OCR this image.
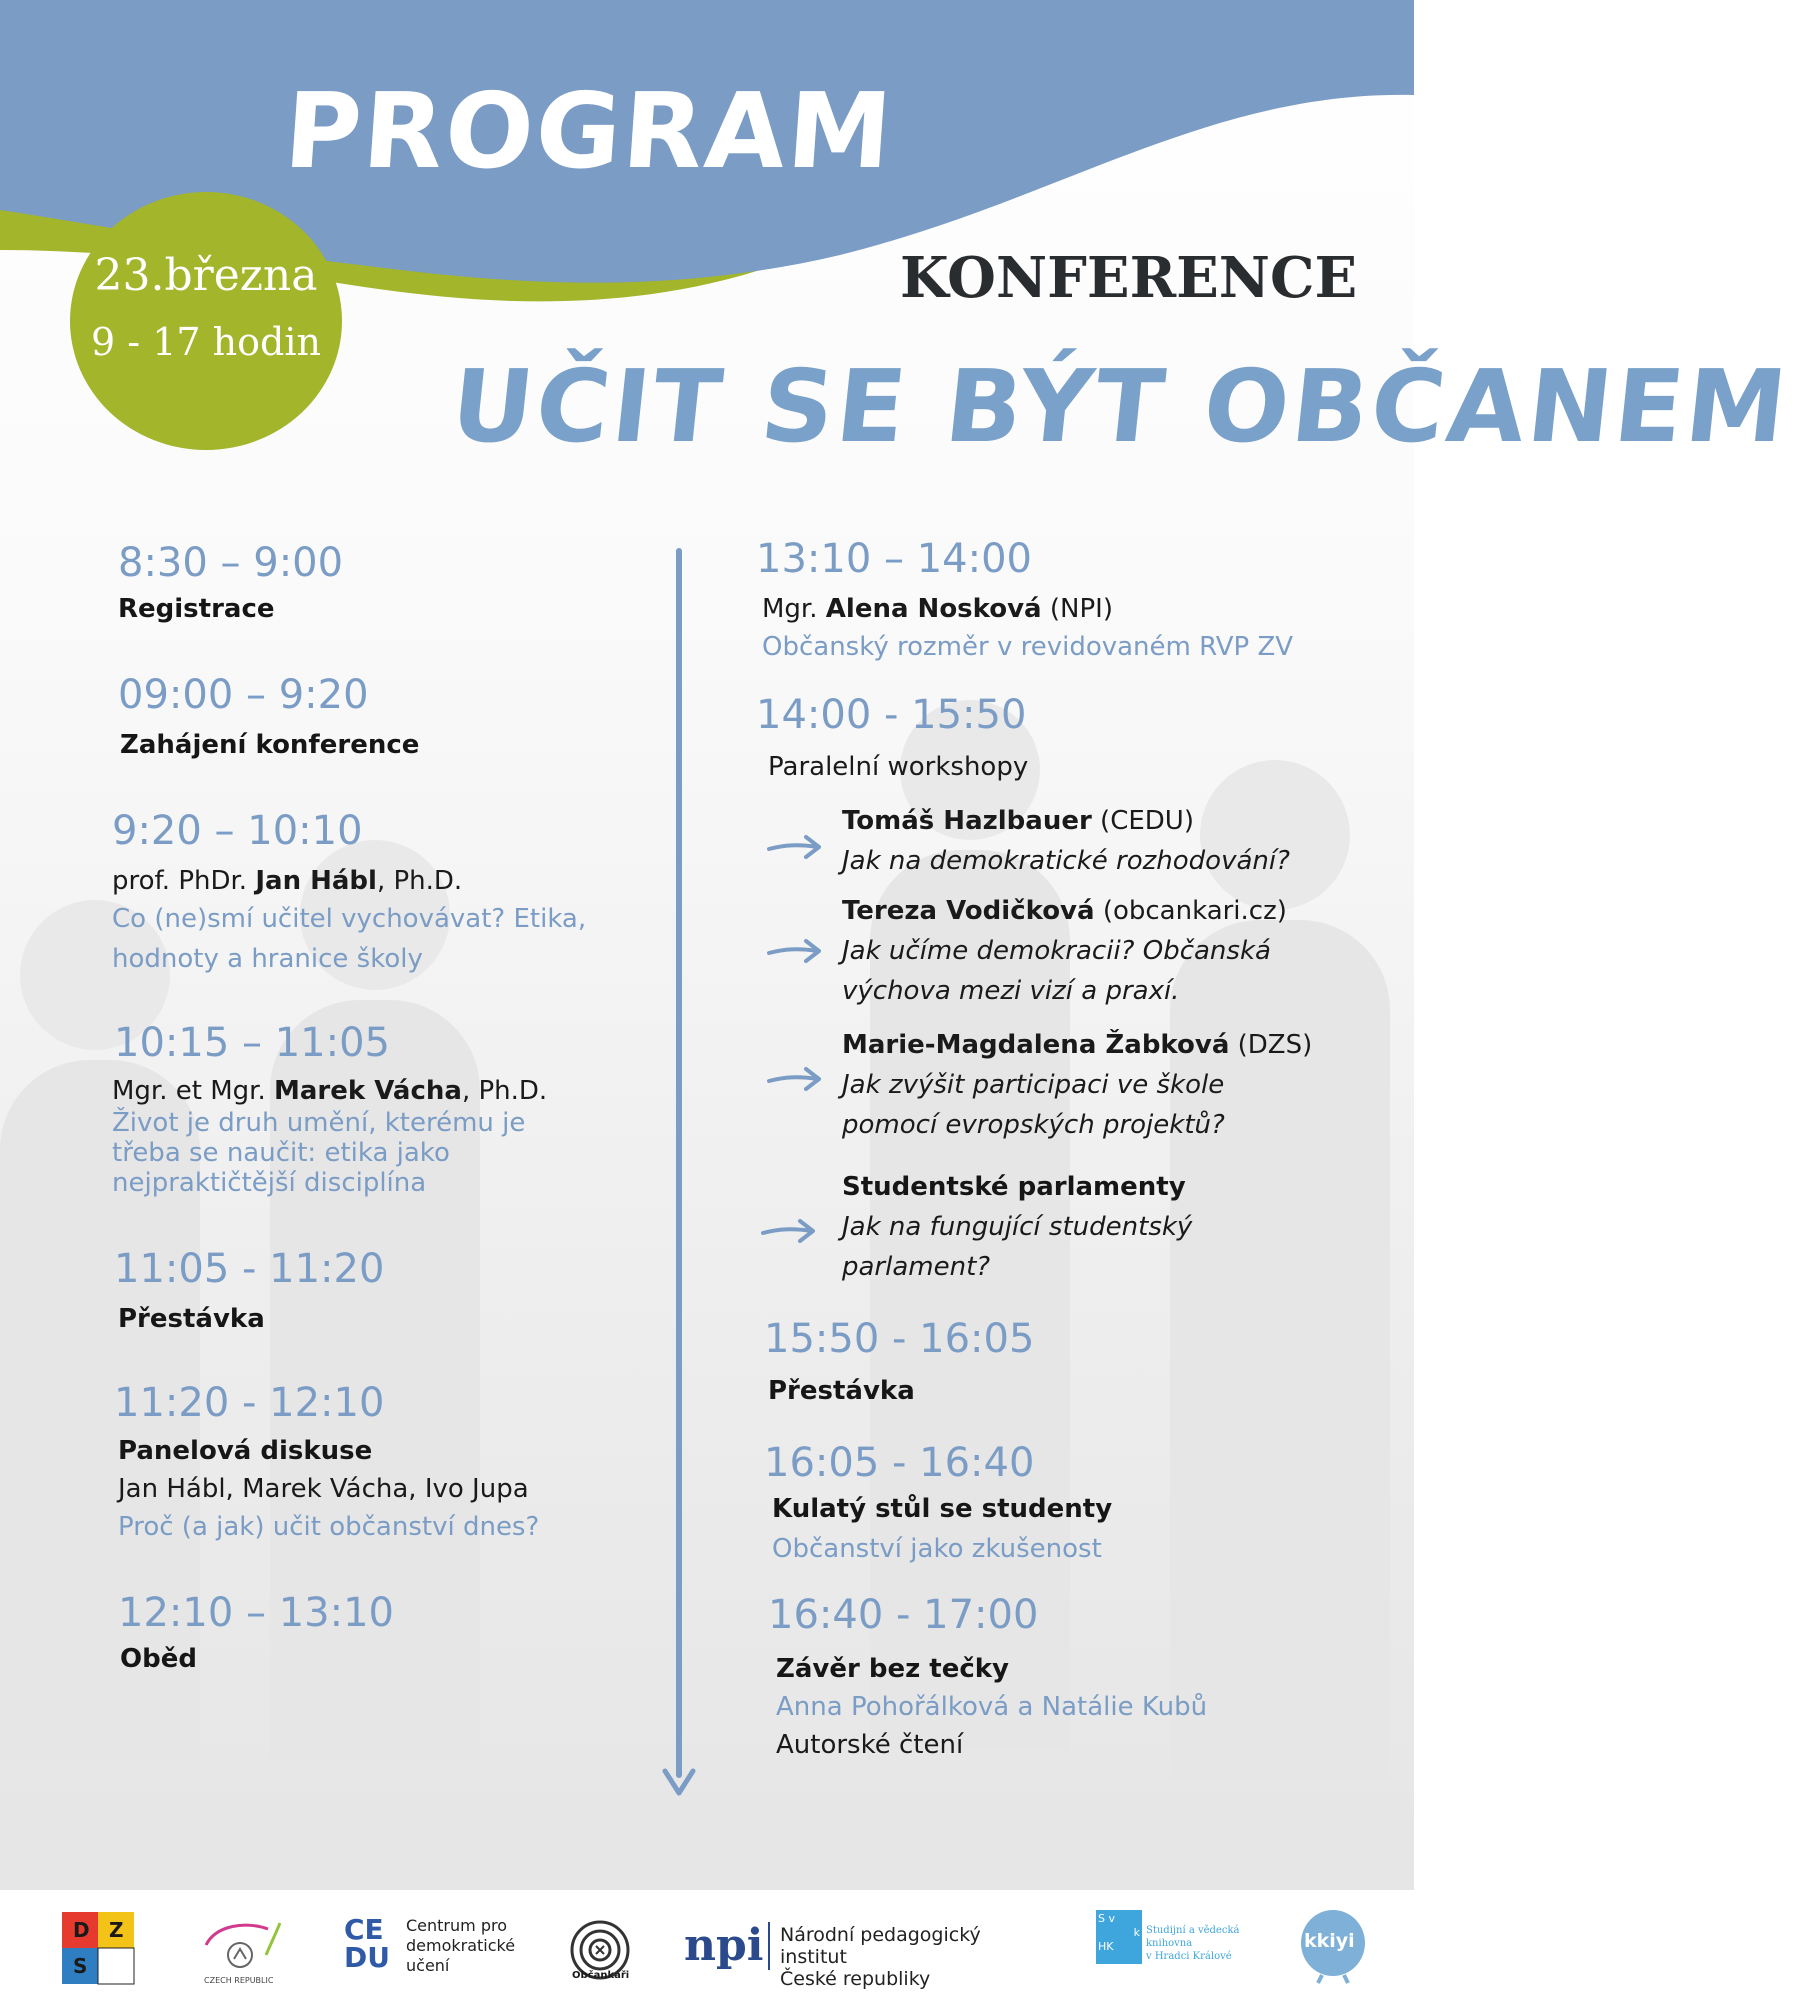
PROGRAM
23.března
9 - 17 hodin
KONFERENCE
UČIT SE BÝT OBČANEM
8:30 – 9:00
Registrace
09:00 – 9:20
Zahájení konference
9:20 – 10:10
prof. PhDr. Jan Hábl, Ph.D.
Co (ne)smí učitel vychovávat? Etika,
hodnoty a hranice školy
10:15 – 11:05
Mgr. et Mgr. Marek Vácha, Ph.D.
Život je druh umění, kterému je
třeba se naučit: etika jako
nejpraktičtější disciplína
11:05 - 11:20
Přestávka
11:20 - 12:10
Panelová diskuse
Jan Hábl, Marek Vácha, Ivo Jupa
Proč (a jak) učit občanství dnes?
12:10 – 13:10
Oběd
13:10 – 14:00
Mgr. Alena Nosková (NPI)
Občanský rozměr v revidovaném RVP ZV
14:00 - 15:50
Paralelní workshopy
Tomáš Hazlbauer (CEDU)
Jak na demokratické rozhodování?
Tereza Vodičková (obcankari.cz)
Jak učíme demokracii? Občanská
výchova mezi vizí a praxí.
Marie-Magdalena Žabková (DZS)
Jak zvýšit participaci ve škole
pomocí evropských projektů?
Studentské parlamenty
Jak na fungující studentský
parlament?
15:50 - 16:05
Přestávka
16:05 - 16:40
Kulatý stůl se studenty
Občanství jako zkušenost
16:40 - 17:00
Závěr bez tečky
Anna Pohořálková a Natálie Kubů
Autorské čtení
D Z
S
CZECH REPUBLIC
CE
DU
Centrum pro
demokratické
učení
Občankáři
npi Národní pedagogický institut
České republiky
S v
k
HK
Studijní a vědecká
knihovna
v Hradci Králové
kkiyi
